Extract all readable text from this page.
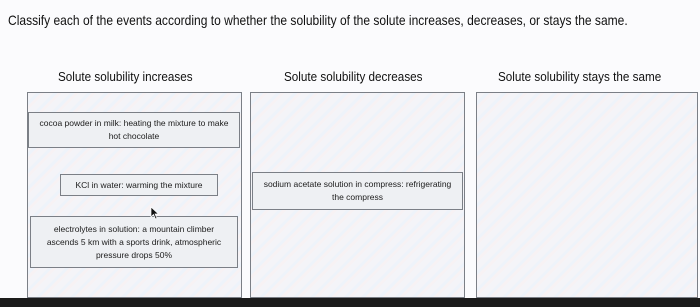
Classify each of the events according to whether the solubility of the solute increases, decreases, or stays the same.
Solute solubility increases	Solute solubility decreases	Solute solubility stays the same
cocoa powder in milk: heating the mixture to make hot chocolate
KCl in water: warming the mixture	sodium acetate solution in compress: refrigerating the compress
electrolytes in solution: a mountain climber ascends 5 km with a sports drink, atmospheric pressure drops 50%
